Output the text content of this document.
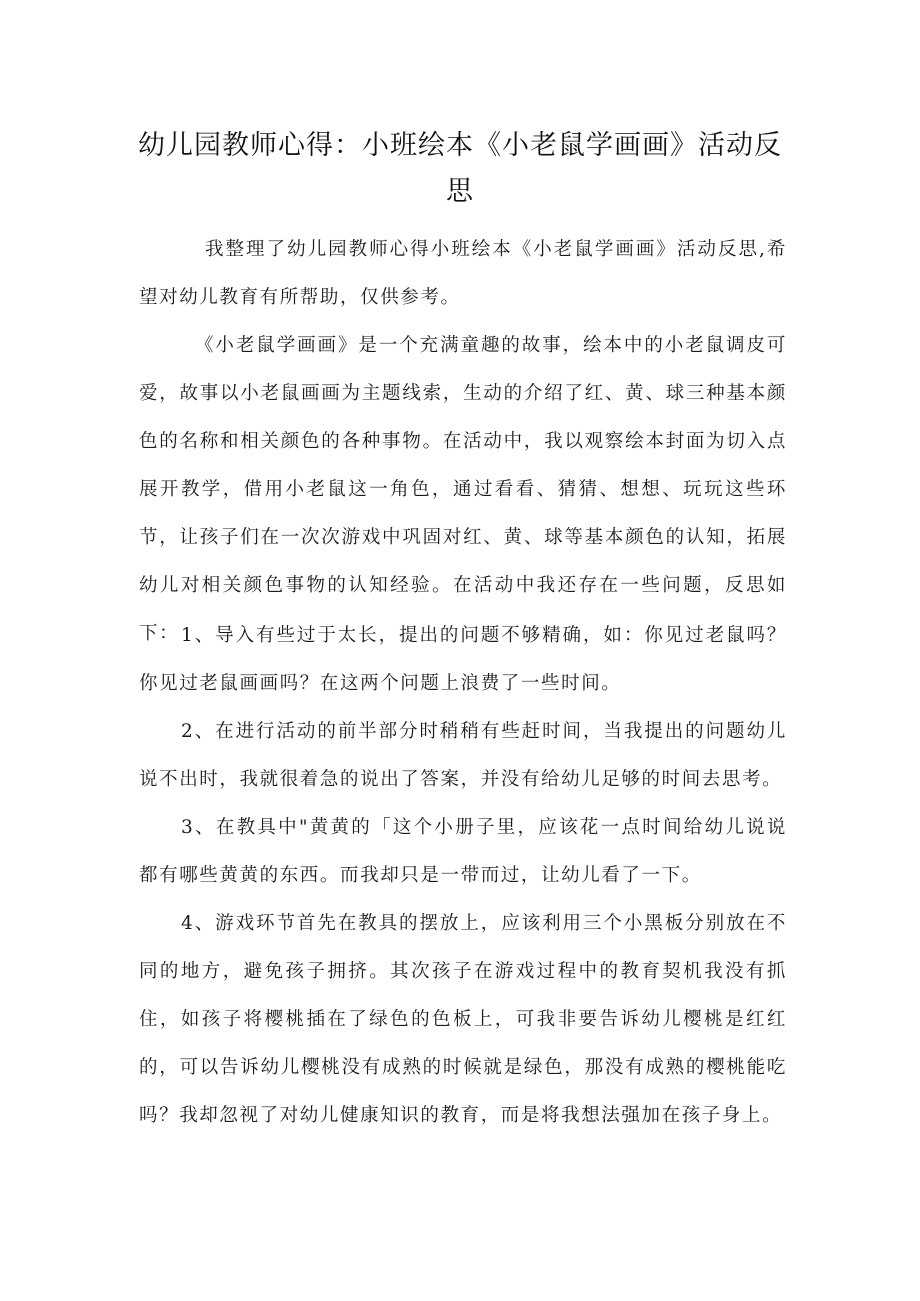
幼儿园教师心得：小班绘本《小老鼠学画画》活动反思

我整理了幼儿园教师心得小班绘本《小老鼠学画画》活动反思,希望对幼儿教育有所帮助，仅供参考。

《小老鼠学画画》是一个充满童趣的故事，绘本中的小老鼠调皮可爱，故事以小老鼠画画为主题线索，生动的介绍了红、黄、球三种基本颜色的名称和相关颜色的各种事物。在活动中，我以观察绘本封面为切入点展开教学，借用小老鼠这一角色，通过看看、猜猜、想想、玩玩这些环节，让孩子们在一次次游戏中巩固对红、黄、球等基本颜色的认知，拓展幼儿对相关颜色事物的认知经验。在活动中我还存在一些问题，反思如下： 1、导入有些过于太长，提出的问题不够精确，如：你见过老鼠吗？你见过老鼠画画吗？在这两个问题上浪费了一些时间。

2、在进行活动的前半部分时稍稍有些赶时间，当我提出的问题幼儿说不出时，我就很着急的说出了答案，并没有给幼儿足够的时间去思考。

3、在教具中"黄黄的「这个小册子里，应该花一点时间给幼儿说说都有哪些黄黄的东西。而我却只是一带而过，让幼儿看了一下。

4、游戏环节首先在教具的摆放上，应该利用三个小黑板分别放在不同的地方，避免孩子拥挤。其次孩子在游戏过程中的教育契机我没有抓住，如孩子将樱桃插在了绿色的色板上，可我非要告诉幼儿樱桃是红红的，可以告诉幼儿樱桃没有成熟的时候就是绿色，那没有成熟的樱桃能吃吗？我却忽视了对幼儿健康知识的教育，而是将我想法强加在孩子身上。
